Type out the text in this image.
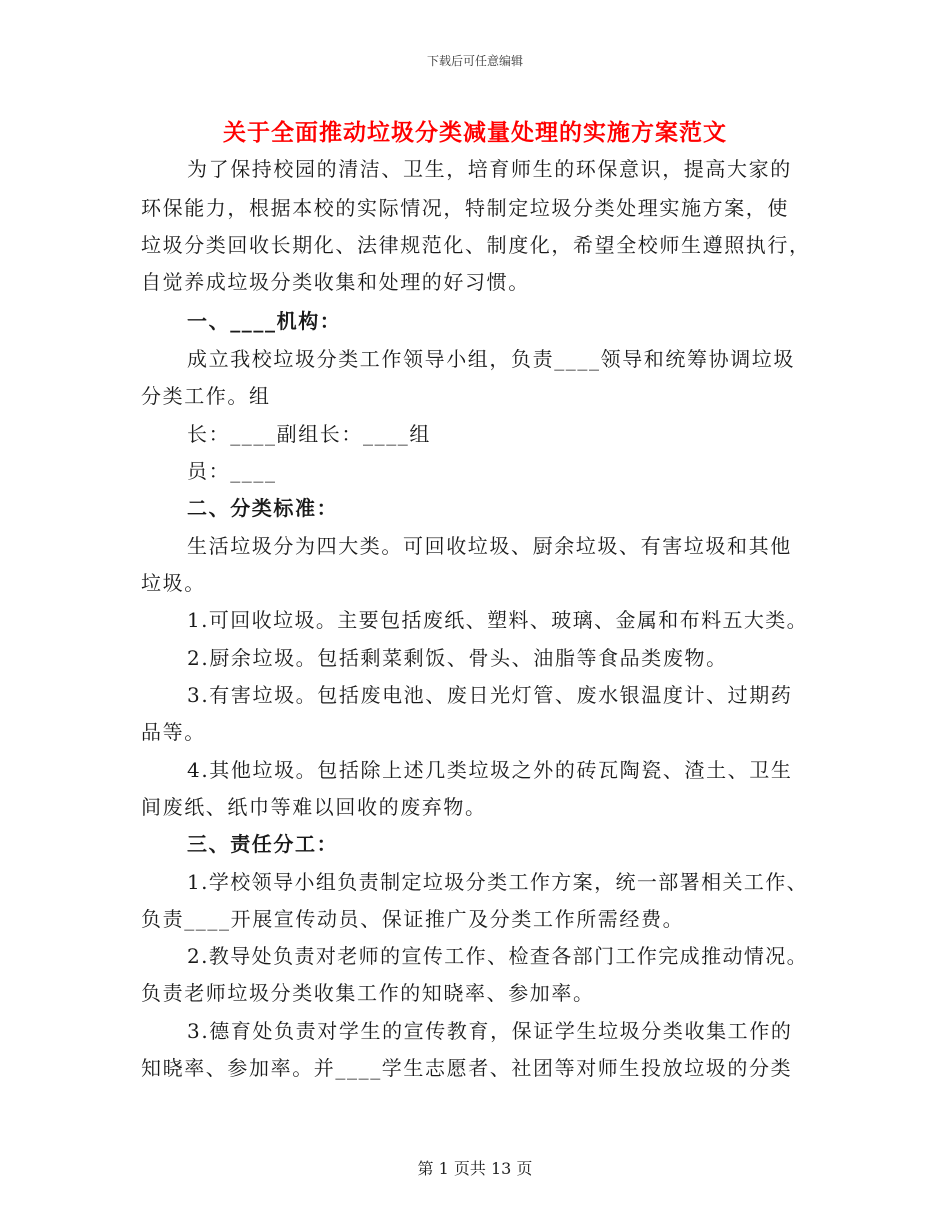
下载后可任意编辑
关于全面推动垃圾分类减量处理的实施方案范文
为了保持校园的清洁、卫生，培育师生的环保意识，提高大家的
环保能力，根据本校的实际情况，特制定垃圾分类处理实施方案，使
垃圾分类回收长期化、法律规范化、制度化，希望全校师生遵照执行，
自觉养成垃圾分类收集和处理的好习惯。
一、____机构：
成立我校垃圾分类工作领导小组，负责____领导和统筹协调垃圾
分类工作。组
长：____副组长：____组
员：____
二、分类标准：
生活垃圾分为四大类。可回收垃圾、厨余垃圾、有害垃圾和其他
垃圾。
1.可回收垃圾。主要包括废纸、塑料、玻璃、金属和布料五大类。
2.厨余垃圾。包括剩菜剩饭、骨头、油脂等食品类废物。
3.有害垃圾。包括废电池、废日光灯管、废水银温度计、过期药
品等。
4.其他垃圾。包括除上述几类垃圾之外的砖瓦陶瓷、渣土、卫生
间废纸、纸巾等难以回收的废弃物。
三、责任分工：
1.学校领导小组负责制定垃圾分类工作方案，统一部署相关工作、
负责____开展宣传动员、保证推广及分类工作所需经费。
2.教导处负责对老师的宣传工作、检查各部门工作完成推动情况。
负责老师垃圾分类收集工作的知晓率、参加率。
3.德育处负责对学生的宣传教育，保证学生垃圾分类收集工作的
知晓率、参加率。并____学生志愿者、社团等对师生投放垃圾的分类
第 1 页共 13 页
